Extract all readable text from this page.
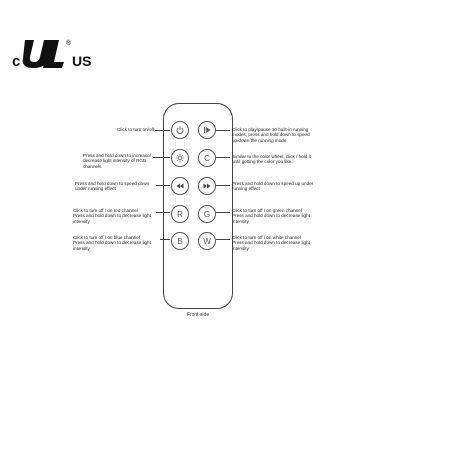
c
®
US
C
R	G
B	W
Click to turn on/off
Press and hold down to increase/ decrease light intensity of RGB channels
Press and hold down to speed down under running effect
Click to turn off / on red channel
Press and hold down to decrease light intensity
Click to turn off / on blue channel
Press and hold down to decrease light intensity
Click to play/pause 10 built-in running modes, press and hold down to speed up/down the running mode
Similar to the color wheel, click / hold it until getting the color you like.
Press and hold down to speed up under running effect
Click to turn off / on green channel
Press and hold down to decrease light intensity
Click to turn off / on white channel
Press and hold down to decrease light intensity
Front side
